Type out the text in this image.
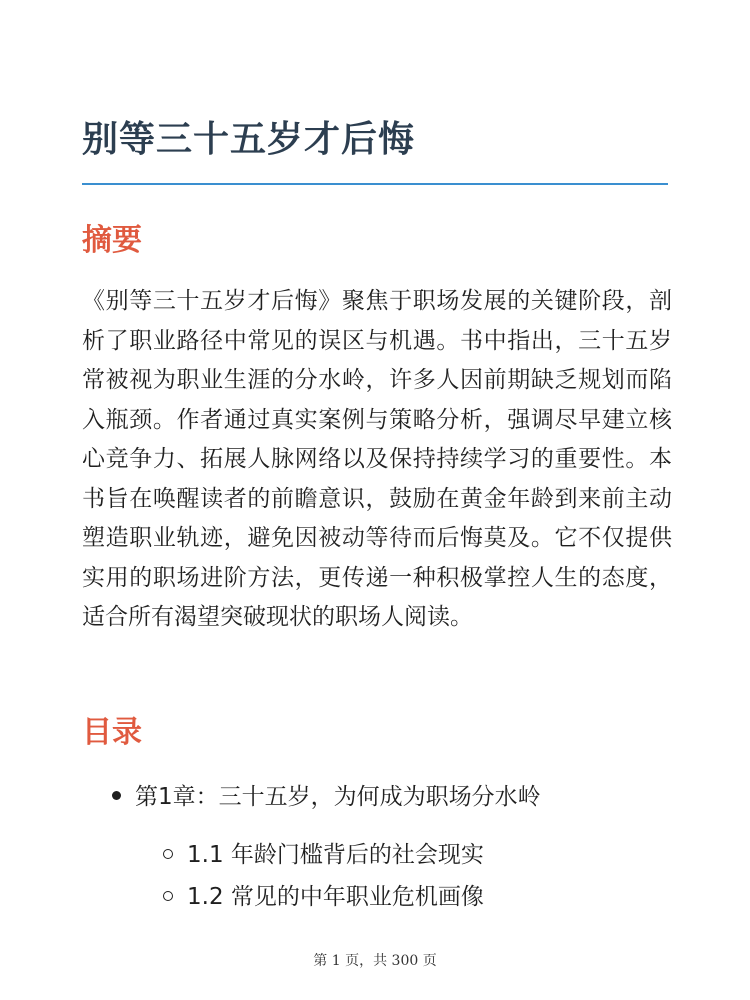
别等三十五岁才后悔
摘要

《别等三十五岁才后悔》聚焦于职场发展的关键阶段，剖析了职业路径中常见的误区与机遇。书中指出，三十五岁常被视为职业生涯的分水岭，许多人因前期缺乏规划而陷入瓶颈。作者通过真实案例与策略分析，强调尽早建立核心竞争力、拓展人脉网络以及保持持续学习的重要性。本书旨在唤醒读者的前瞻意识，鼓励在黄金年龄到来前主动塑造职业轨迹，避免因被动等待而后悔莫及。它不仅提供实用的职场进阶方法，更传递一种积极掌控人生的态度，适合所有渴望突破现状的职场人阅读。

目录
第1章：三十五岁，为何成为职场分水岭
1.1 年龄门槛背后的社会现实
1.2 常见的中年职业危机画像
第 1 页，共 300 页
